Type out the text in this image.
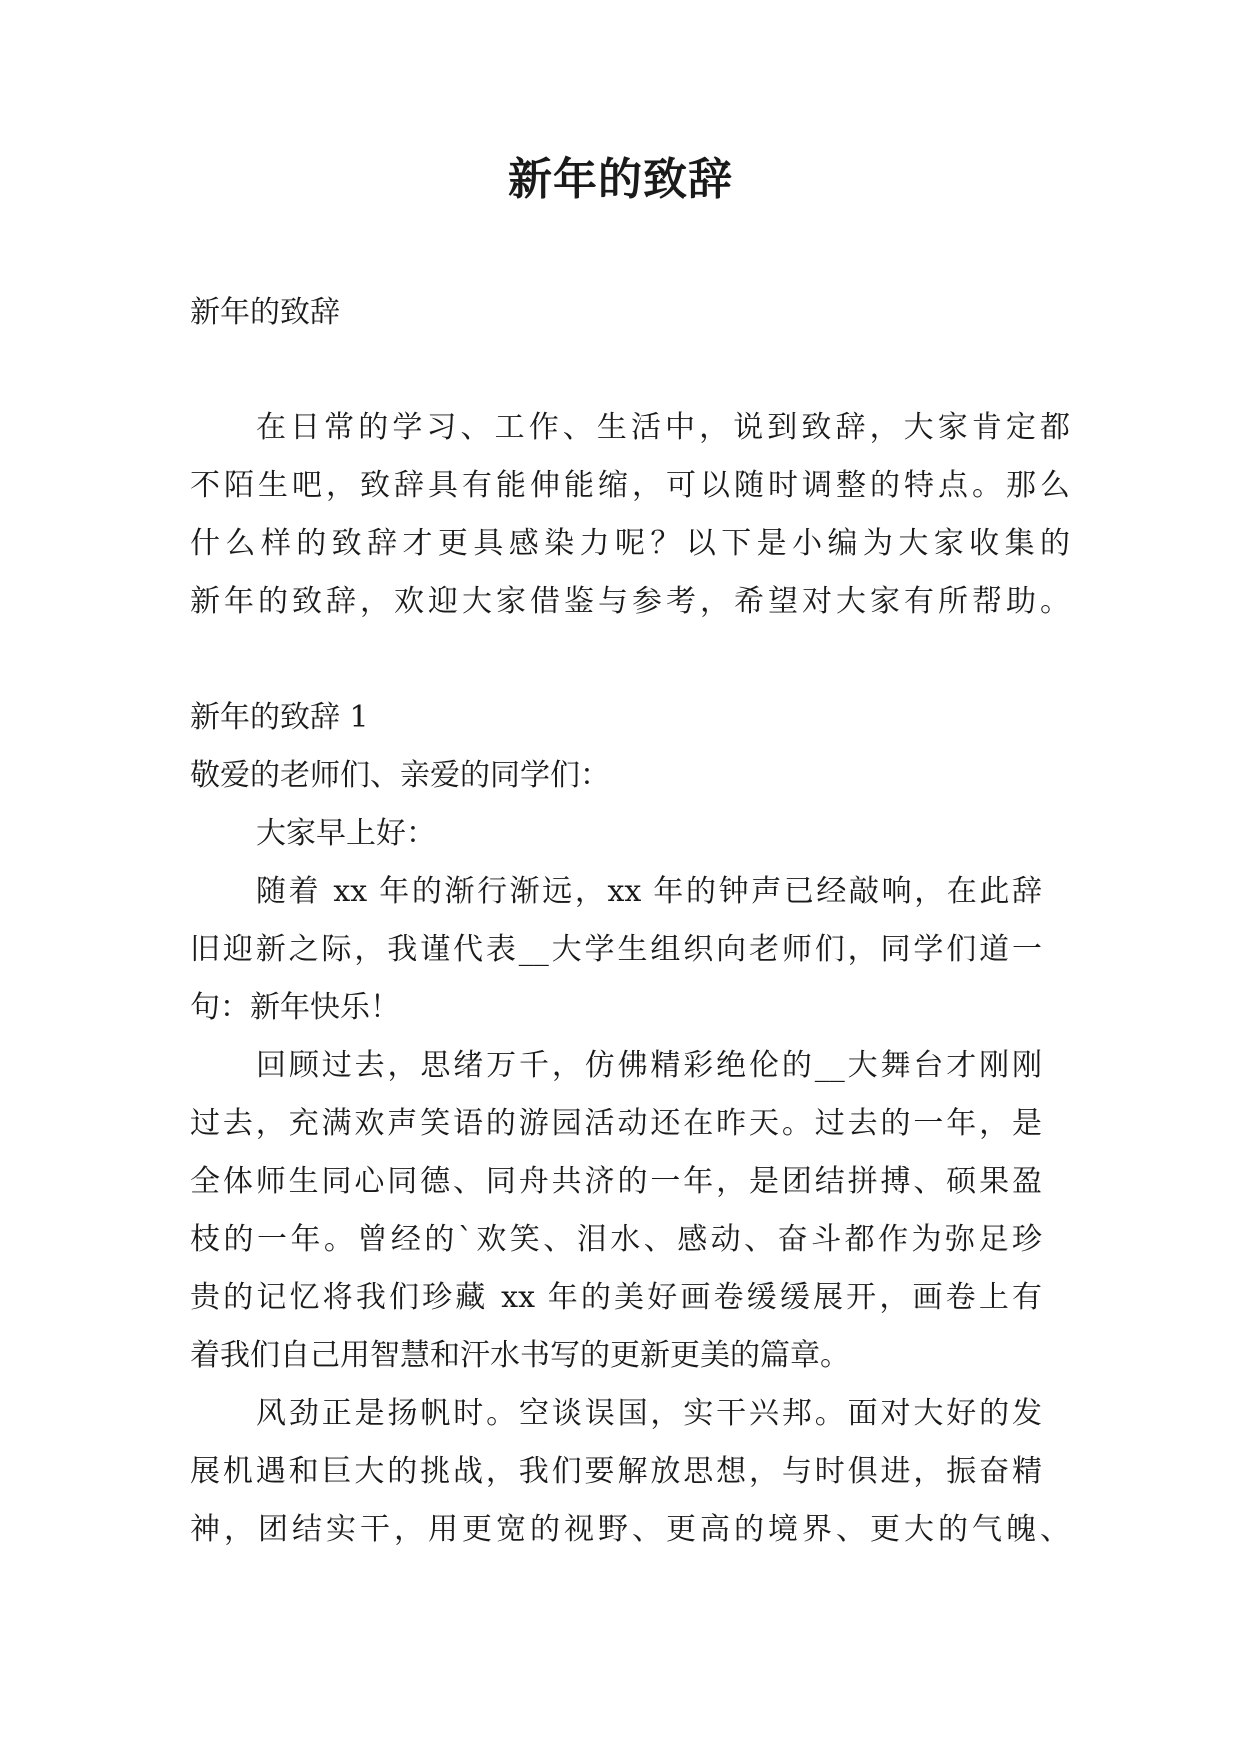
新年的致辞

新年的致辞

在日常的学习、工作、生活中，说到致辞，大家肯定都

不陌生吧，致辞具有能伸能缩，可以随时调整的特点。那么

什么样的致辞才更具感染力呢？以下是小编为大家收集的

新年的致辞，欢迎大家借鉴与参考，希望对大家有所帮助。

新年的致辞 1

敬爱的老师们、亲爱的同学们：

大家早上好：

随着 xx 年的渐行渐远，xx 年的钟声已经敲响，在此辞

旧迎新之际，我谨代表__大学生组织向老师们，同学们道一

句：新年快乐！

回顾过去，思绪万千，仿佛精彩绝伦的__大舞台才刚刚

过去，充满欢声笑语的游园活动还在昨天。过去的一年，是

全体师生同心同德、同舟共济的一年，是团结拼搏、硕果盈

枝的一年。曾经的`欢笑、泪水、感动、奋斗都作为弥足珍

贵的记忆将我们珍藏 xx 年的美好画卷缓缓展开，画卷上有

着我们自己用智慧和汗水书写的更新更美的篇章。

风劲正是扬帆时。空谈误国，实干兴邦。面对大好的发

展机遇和巨大的挑战，我们要解放思想，与时俱进，振奋精

神，团结实干，用更宽的视野、更高的境界、更大的气魄、
